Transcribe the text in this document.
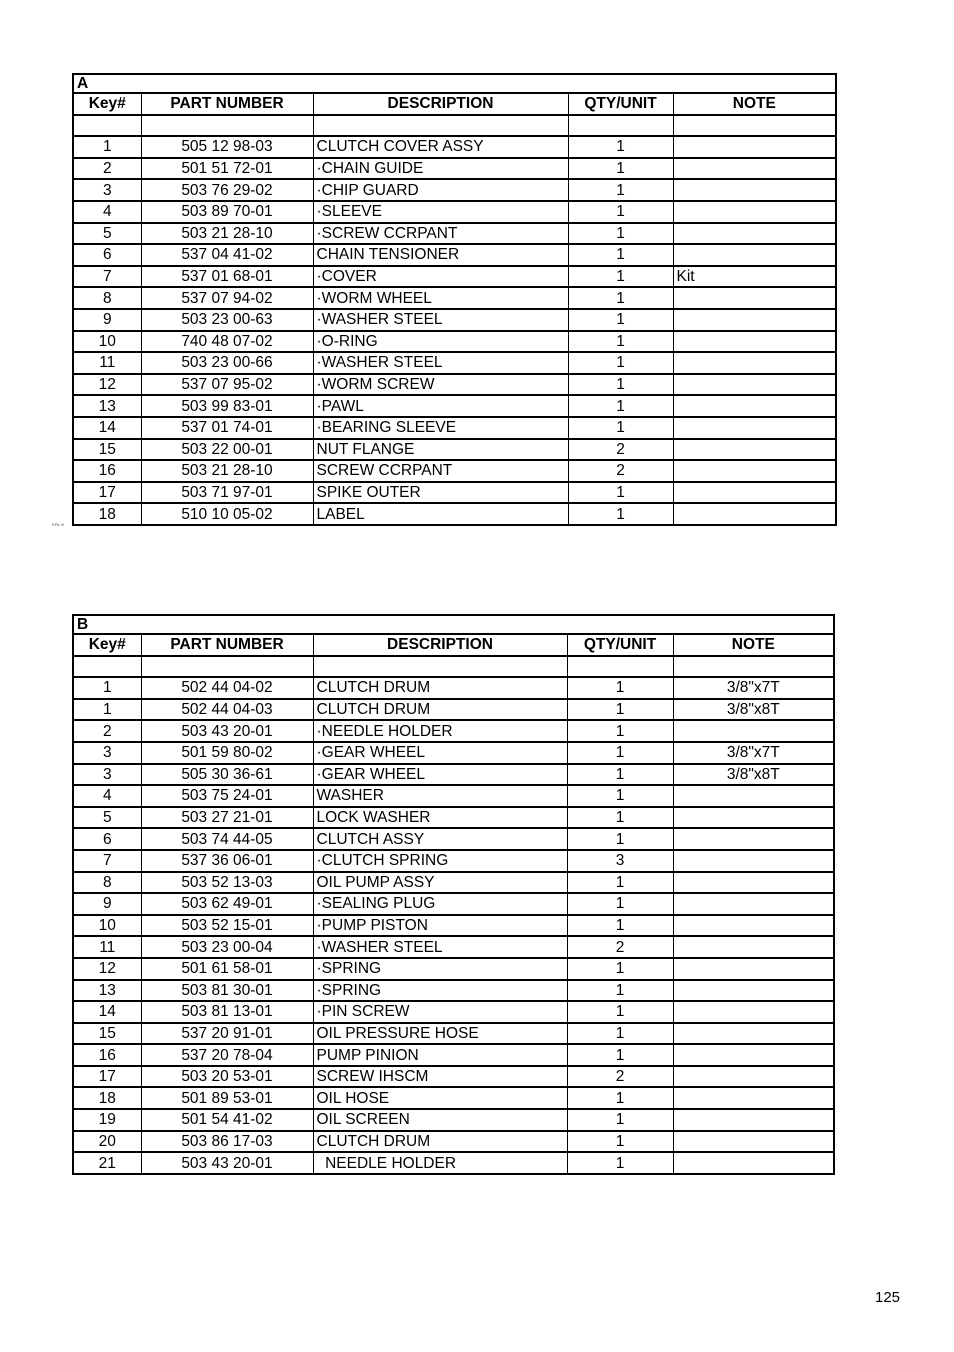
A				
Key#	PART NUMBER	DESCRIPTION	QTY/UNIT	NOTE

1	505 12 98-03	CLUTCH COVER ASSY	1	
2	501 51 72-01	·CHAIN GUIDE	1	
3	503 76 29-02	·CHIP GUARD	1	
4	503 89 70-01	·SLEEVE	1	
5	503 21 28-10	·SCREW CCRPANT	1	
6	537 04 41-02	CHAIN TENSIONER	1	
7	537 01 68-01	·COVER	1	Kit
8	537 07 94-02	·WORM WHEEL	1	
9	503 23 00-63	·WASHER STEEL	1	
10	740 48 07-02	·O-RING	1	
11	503 23 00-66	·WASHER STEEL	1	
12	537 07 95-02	·WORM SCREW	1	
13	503 99 83-01	·PAWL	1	
14	537 01 74-01	·BEARING SLEEVE	1	
15	503 22 00-01	NUT FLANGE	2	
16	503 21 28-10	SCREW CCRPANT	2	
17	503 71 97-01	SPIKE OUTER	1	
18	510 10 05-02	LABEL	1	
EPA III
B				
Key#	PART NUMBER	DESCRIPTION	QTY/UNIT	NOTE

1	502 44 04-02	CLUTCH DRUM	1	3/8"x7T
1	502 44 04-03	CLUTCH DRUM	1	3/8"x8T
2	503 43 20-01	·NEEDLE HOLDER	1	
3	501 59 80-02	·GEAR WHEEL	1	3/8"x7T
3	505 30 36-61	·GEAR WHEEL	1	3/8"x8T
4	503 75 24-01	WASHER	1	
5	503 27 21-01	LOCK WASHER	1	
6	503 74 44-05	CLUTCH ASSY	1	
7	537 36 06-01	·CLUTCH SPRING	3	
8	503 52 13-03	OIL PUMP ASSY	1	
9	503 62 49-01	·SEALING PLUG	1	
10	503 52 15-01	·PUMP PISTON	1	
11	503 23 00-04	·WASHER STEEL	2	
12	501 61 58-01	·SPRING	1	
13	503 81 30-01	·SPRING	1	
14	503 81 13-01	·PIN SCREW	1	
15	537 20 91-01	OIL PRESSURE HOSE	1	
16	537 20 78-04	PUMP PINION	1	
17	503 20 53-01	SCREW IHSCM	2	
18	501 89 53-01	OIL HOSE	1	
19	501 54 41-02	OIL SCREEN	1	
20	503 86 17-03	CLUTCH DRUM	1	
21	503 43 20-01	NEEDLE HOLDER	1	
125
